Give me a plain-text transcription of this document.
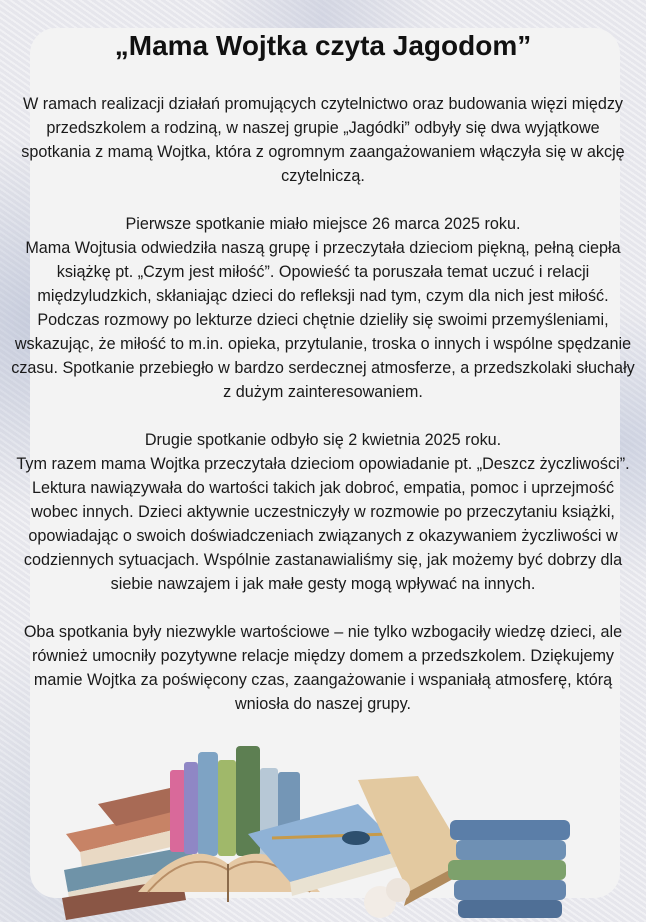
„Mama Wojtka czyta Jagodom”

W ramach realizacji działań promujących czytelnictwo oraz budowania więzi między przedszkolem a rodziną, w naszej grupie „Jagódki” odbyły się dwa wyjątkowe spotkania z mamą Wojtka, która z ogromnym zaangażowaniem włączyła się w akcję czytelniczą.

Pierwsze spotkanie miało miejsce 26 marca 2025 roku.

Mama Wojtusia odwiedziła naszą grupę i przeczytała dzieciom piękną, pełną ciepła książkę pt. „Czym jest miłość”. Opowieść ta poruszała temat uczuć i relacji międzyludzkich, skłaniając dzieci do refleksji nad tym, czym dla nich jest miłość. Podczas rozmowy po lekturze dzieci chętnie dzieliły się swoimi przemyśleniami, wskazując, że miłość to m.in. opieka, przytulanie, troska o innych i wspólne spędzanie czasu. Spotkanie przebiegło w bardzo serdecznej atmosferze, a przedszkolaki słuchały z dużym zainteresowaniem.

Drugie spotkanie odbyło się 2 kwietnia 2025 roku.

Tym razem mama Wojtka przeczytała dzieciom opowiadanie pt. „Deszcz życzliwości”. Lektura nawiązywała do wartości takich jak dobroć, empatia, pomoc i uprzejmość wobec innych. Dzieci aktywnie uczestniczyły w rozmowie po przeczytaniu książki, opowiadając o swoich doświadczeniach związanych z okazywaniem życzliwości w codziennych sytuacjach. Wspólnie zastanawialiśmy się, jak możemy być dobrzy dla siebie nawzajem i jak małe gesty mogą wpływać na innych.

Oba spotkania były niezwykle wartościowe – nie tylko wzbogaciły wiedzę dzieci, ale również umocniły pozytywne relacje między domem a przedszkolem. Dziękujemy mamie Wojtka za poświęcony czas, zaangażowanie i wspaniałą atmosferę, którą wniosła do naszej grupy.
